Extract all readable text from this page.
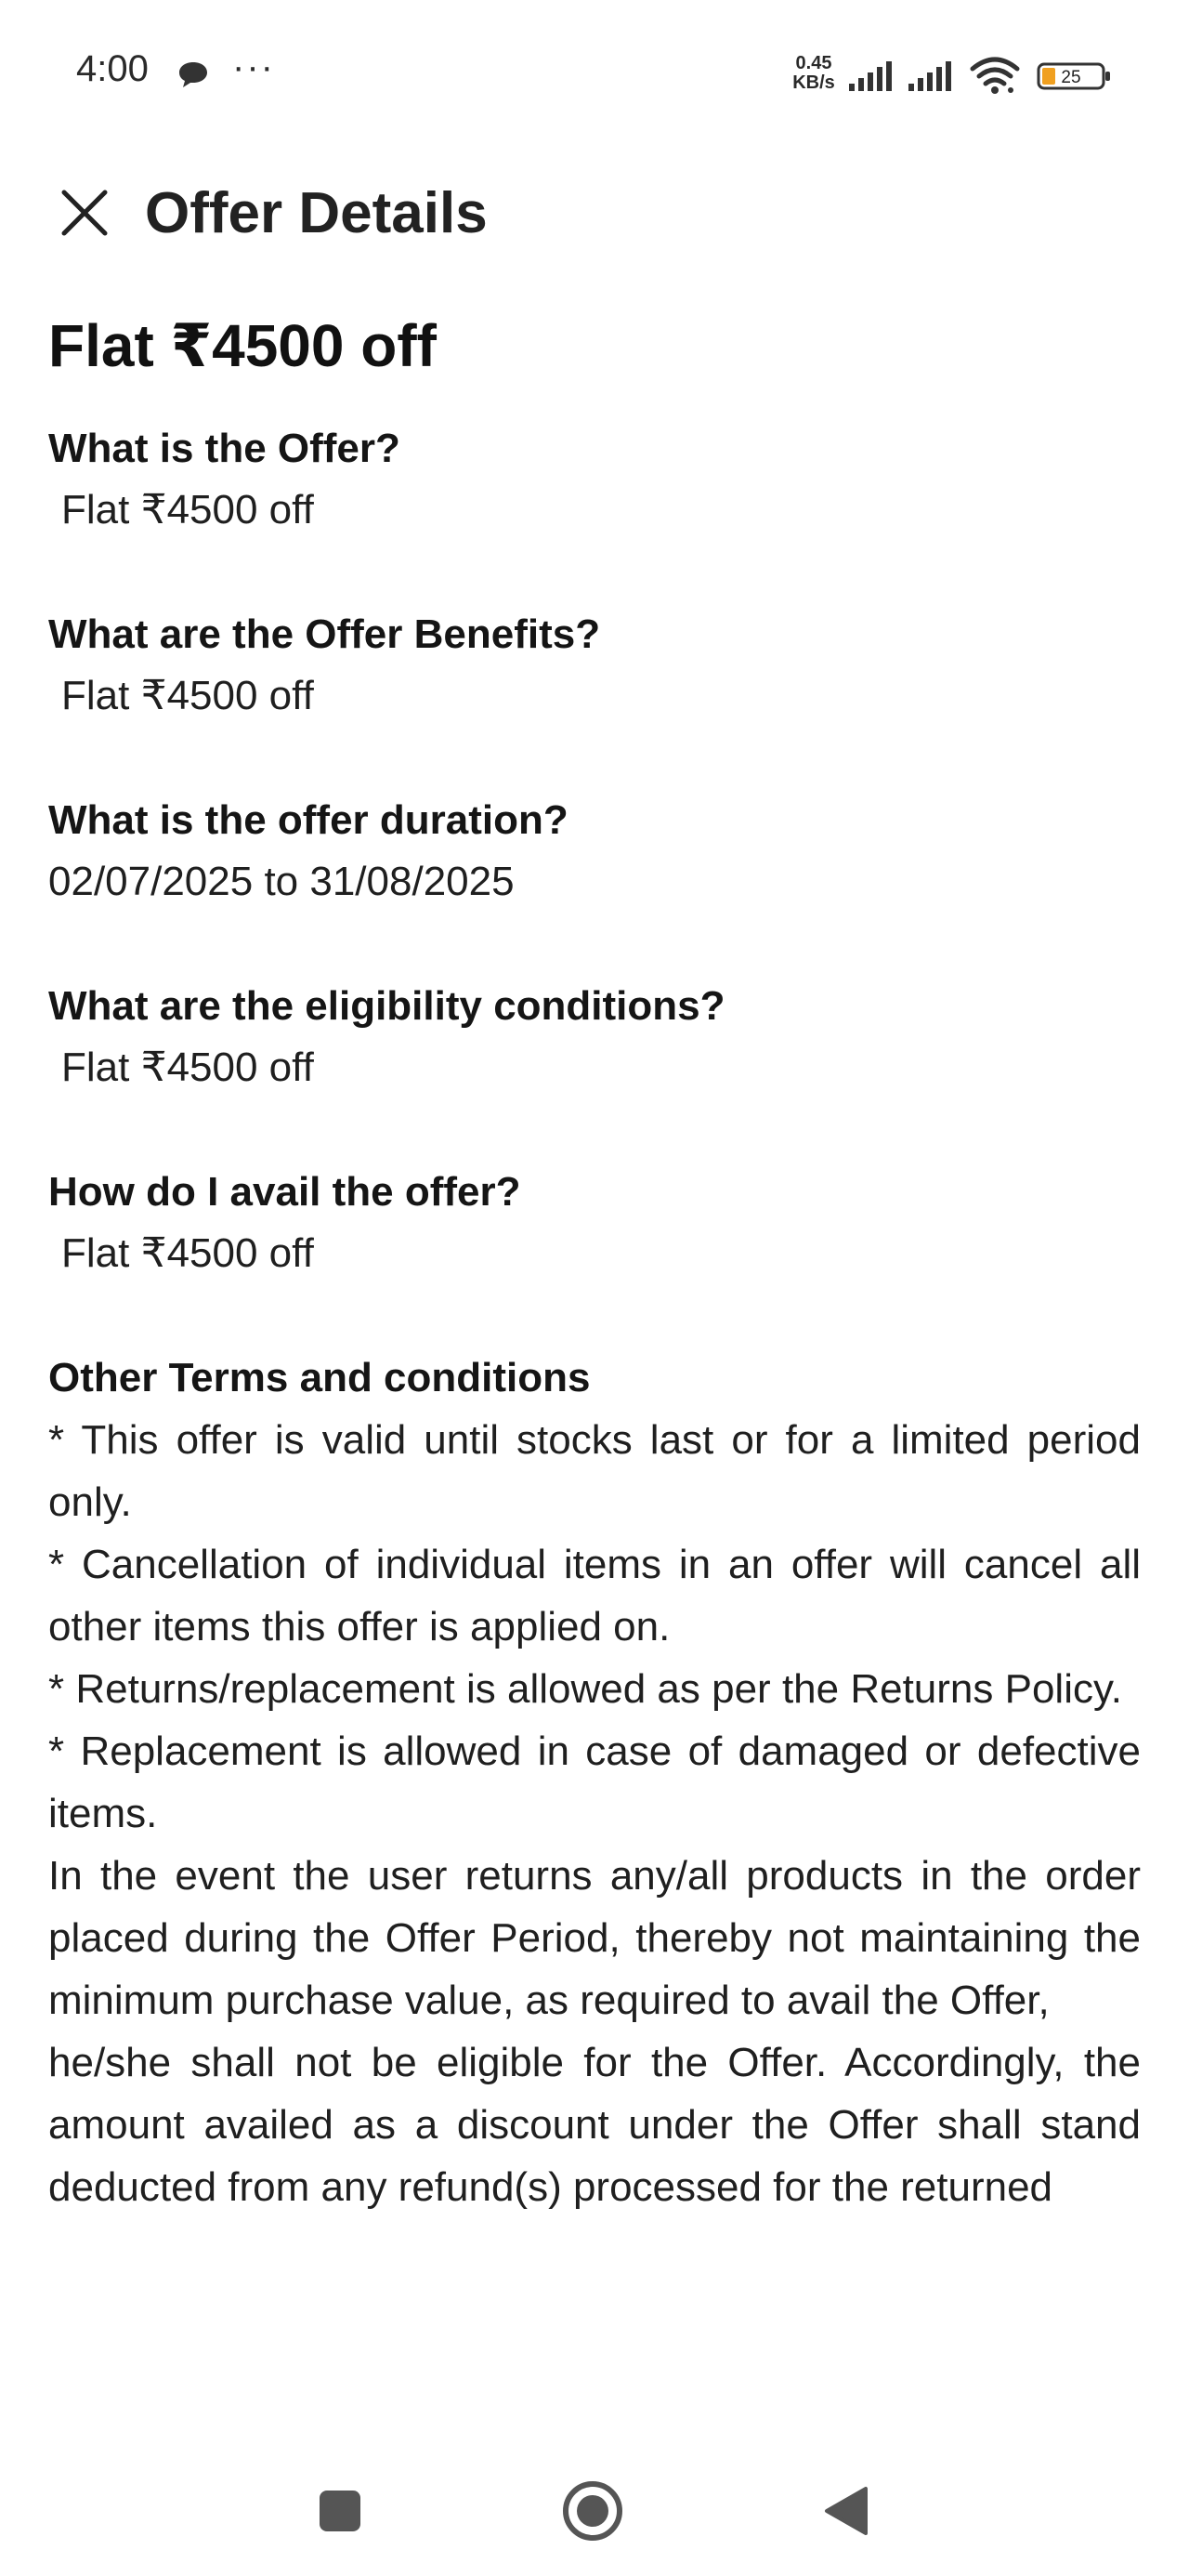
4:00 ···	0.45
KB/s	25
Offer Details
Flat ₹4500 off
What is the Offer?

Flat ₹4500 off

What are the Offer Benefits?

Flat ₹4500 off

What is the offer duration?

02/07/2025 to 31/08/2025

What are the eligibility conditions?

Flat ₹4500 off

How do I avail the offer?

Flat ₹4500 off

Other Terms and conditions

* This offer is valid until stocks last or for a limited period only.

* Cancellation of individual items in an offer will cancel all other items this offer is applied on.

* Returns/replacement is allowed as per the Returns Policy.

* Replacement is allowed in case of damaged or defective items.

In the event the user returns any/all products in the order placed during the Offer Period, thereby not maintaining the minimum purchase value, as required to avail the Offer,

he/she shall not be eligible for the Offer. Accordingly, the amount availed as a discount under the Offer shall stand deducted from any refund(s) processed for the returned
